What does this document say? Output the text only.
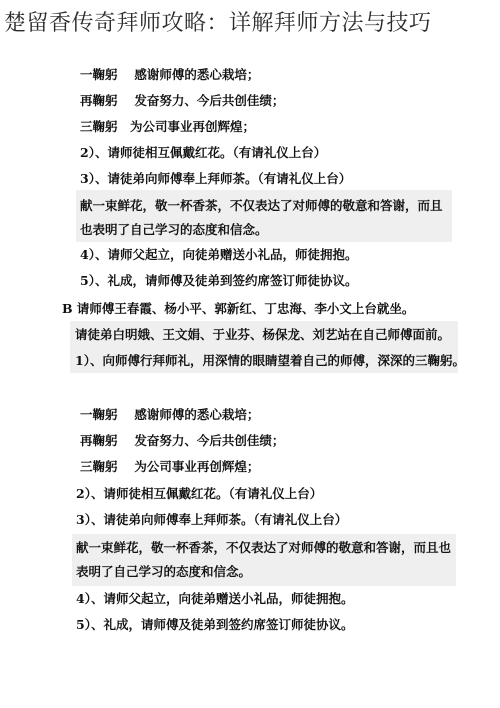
楚留香传奇拜师攻略：详解拜师方法与技巧
一鞠躬　 感谢师傅的悉心栽培；
再鞠躬　 发奋努力、今后共创佳绩；
三鞠躬　为公司事业再创辉煌；
2）、请师徒相互佩戴红花。（有请礼仪上台）
3）、请徒弟向师傅奉上拜师茶。（有请礼仪上台）
献一束鲜花，敬一杯香茶，不仅表达了对师傅的敬意和答谢，而且
也表明了自己学习的态度和信念。
4）、请师父起立，向徒弟赠送小礼品，师徒拥抱。
5）、礼成，请师傅及徒弟到签约席签订师徒协议。
B 请师傅王春霞、杨小平、郭新红、丁忠海、李小文上台就坐。
请徒弟白明娥、王文娟、于业芬、杨保龙、刘艺站在自己师傅面前。
1）、向师傅行拜师礼，用深情的眼睛望着自己的师傅，深深的三鞠躬。
一鞠躬　 感谢师傅的悉心栽培；
再鞠躬　 发奋努力、今后共创佳绩；
三鞠躬　 为公司事业再创辉煌；
2）、请师徒相互佩戴红花。（有请礼仪上台）
3）、请徒弟向师傅奉上拜师茶。（有请礼仪上台）
献一束鲜花，敬一杯香茶，不仅表达了对师傅的敬意和答谢，而且也
表明了自己学习的态度和信念。
4）、请师父起立，向徒弟赠送小礼品，师徒拥抱。
5）、礼成，请师傅及徒弟到签约席签订师徒协议。
